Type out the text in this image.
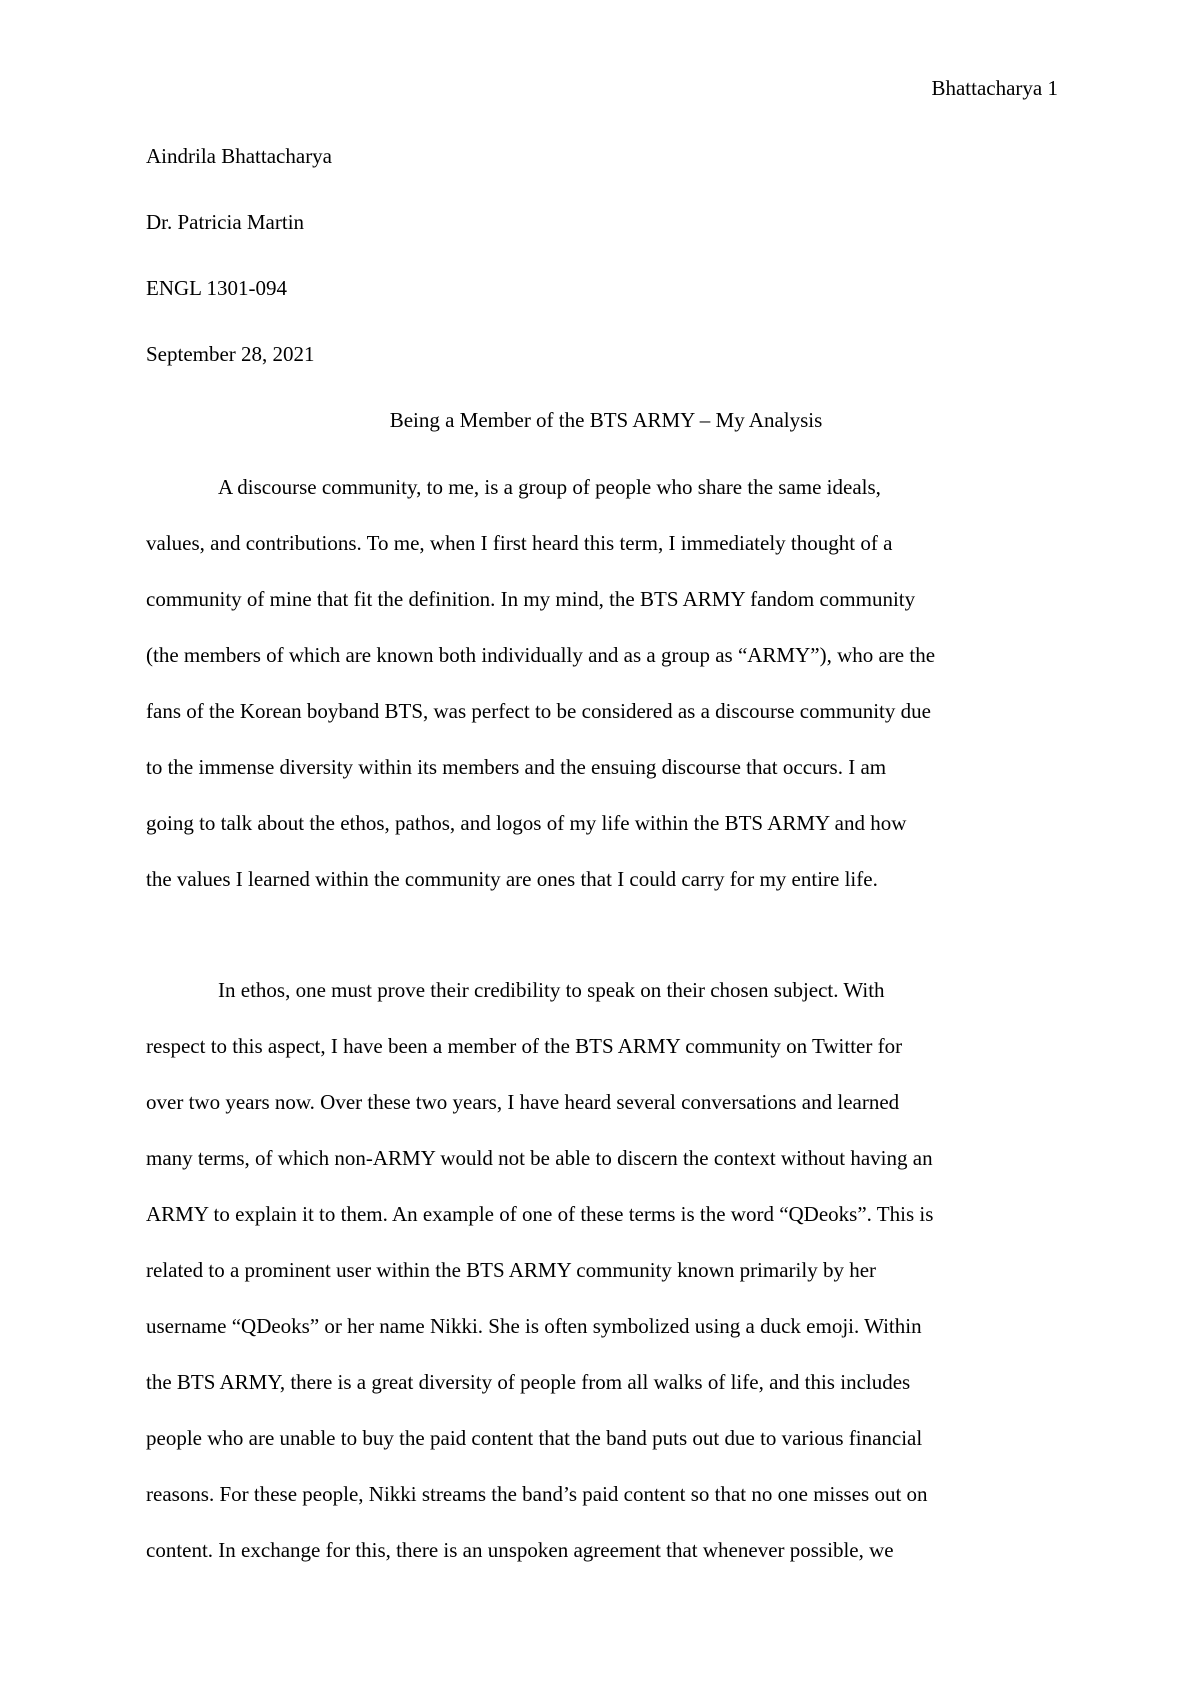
Bhattacharya 1
Aindrila Bhattacharya
Dr. Patricia Martin
ENGL 1301-094
September 28, 2021
Being a Member of the BTS ARMY – My Analysis
A discourse community, to me, is a group of people who share the same ideals,
values, and contributions. To me, when I first heard this term, I immediately thought of a
community of mine that fit the definition. In my mind, the BTS ARMY fandom community
(the members of which are known both individually and as a group as “ARMY”), who are the
fans of the Korean boyband BTS, was perfect to be considered as a discourse community due
to the immense diversity within its members and the ensuing discourse that occurs. I am
going to talk about the ethos, pathos, and logos of my life within the BTS ARMY and how
the values I learned within the community are ones that I could carry for my entire life.
In ethos, one must prove their credibility to speak on their chosen subject. With
respect to this aspect, I have been a member of the BTS ARMY community on Twitter for
over two years now. Over these two years, I have heard several conversations and learned
many terms, of which non-ARMY would not be able to discern the context without having an
ARMY to explain it to them. An example of one of these terms is the word “QDeoks”. This is
related to a prominent user within the BTS ARMY community known primarily by her
username “QDeoks” or her name Nikki. She is often symbolized using a duck emoji. Within
the BTS ARMY, there is a great diversity of people from all walks of life, and this includes
people who are unable to buy the paid content that the band puts out due to various financial
reasons. For these people, Nikki streams the band’s paid content so that no one misses out on
content. In exchange for this, there is an unspoken agreement that whenever possible, we
